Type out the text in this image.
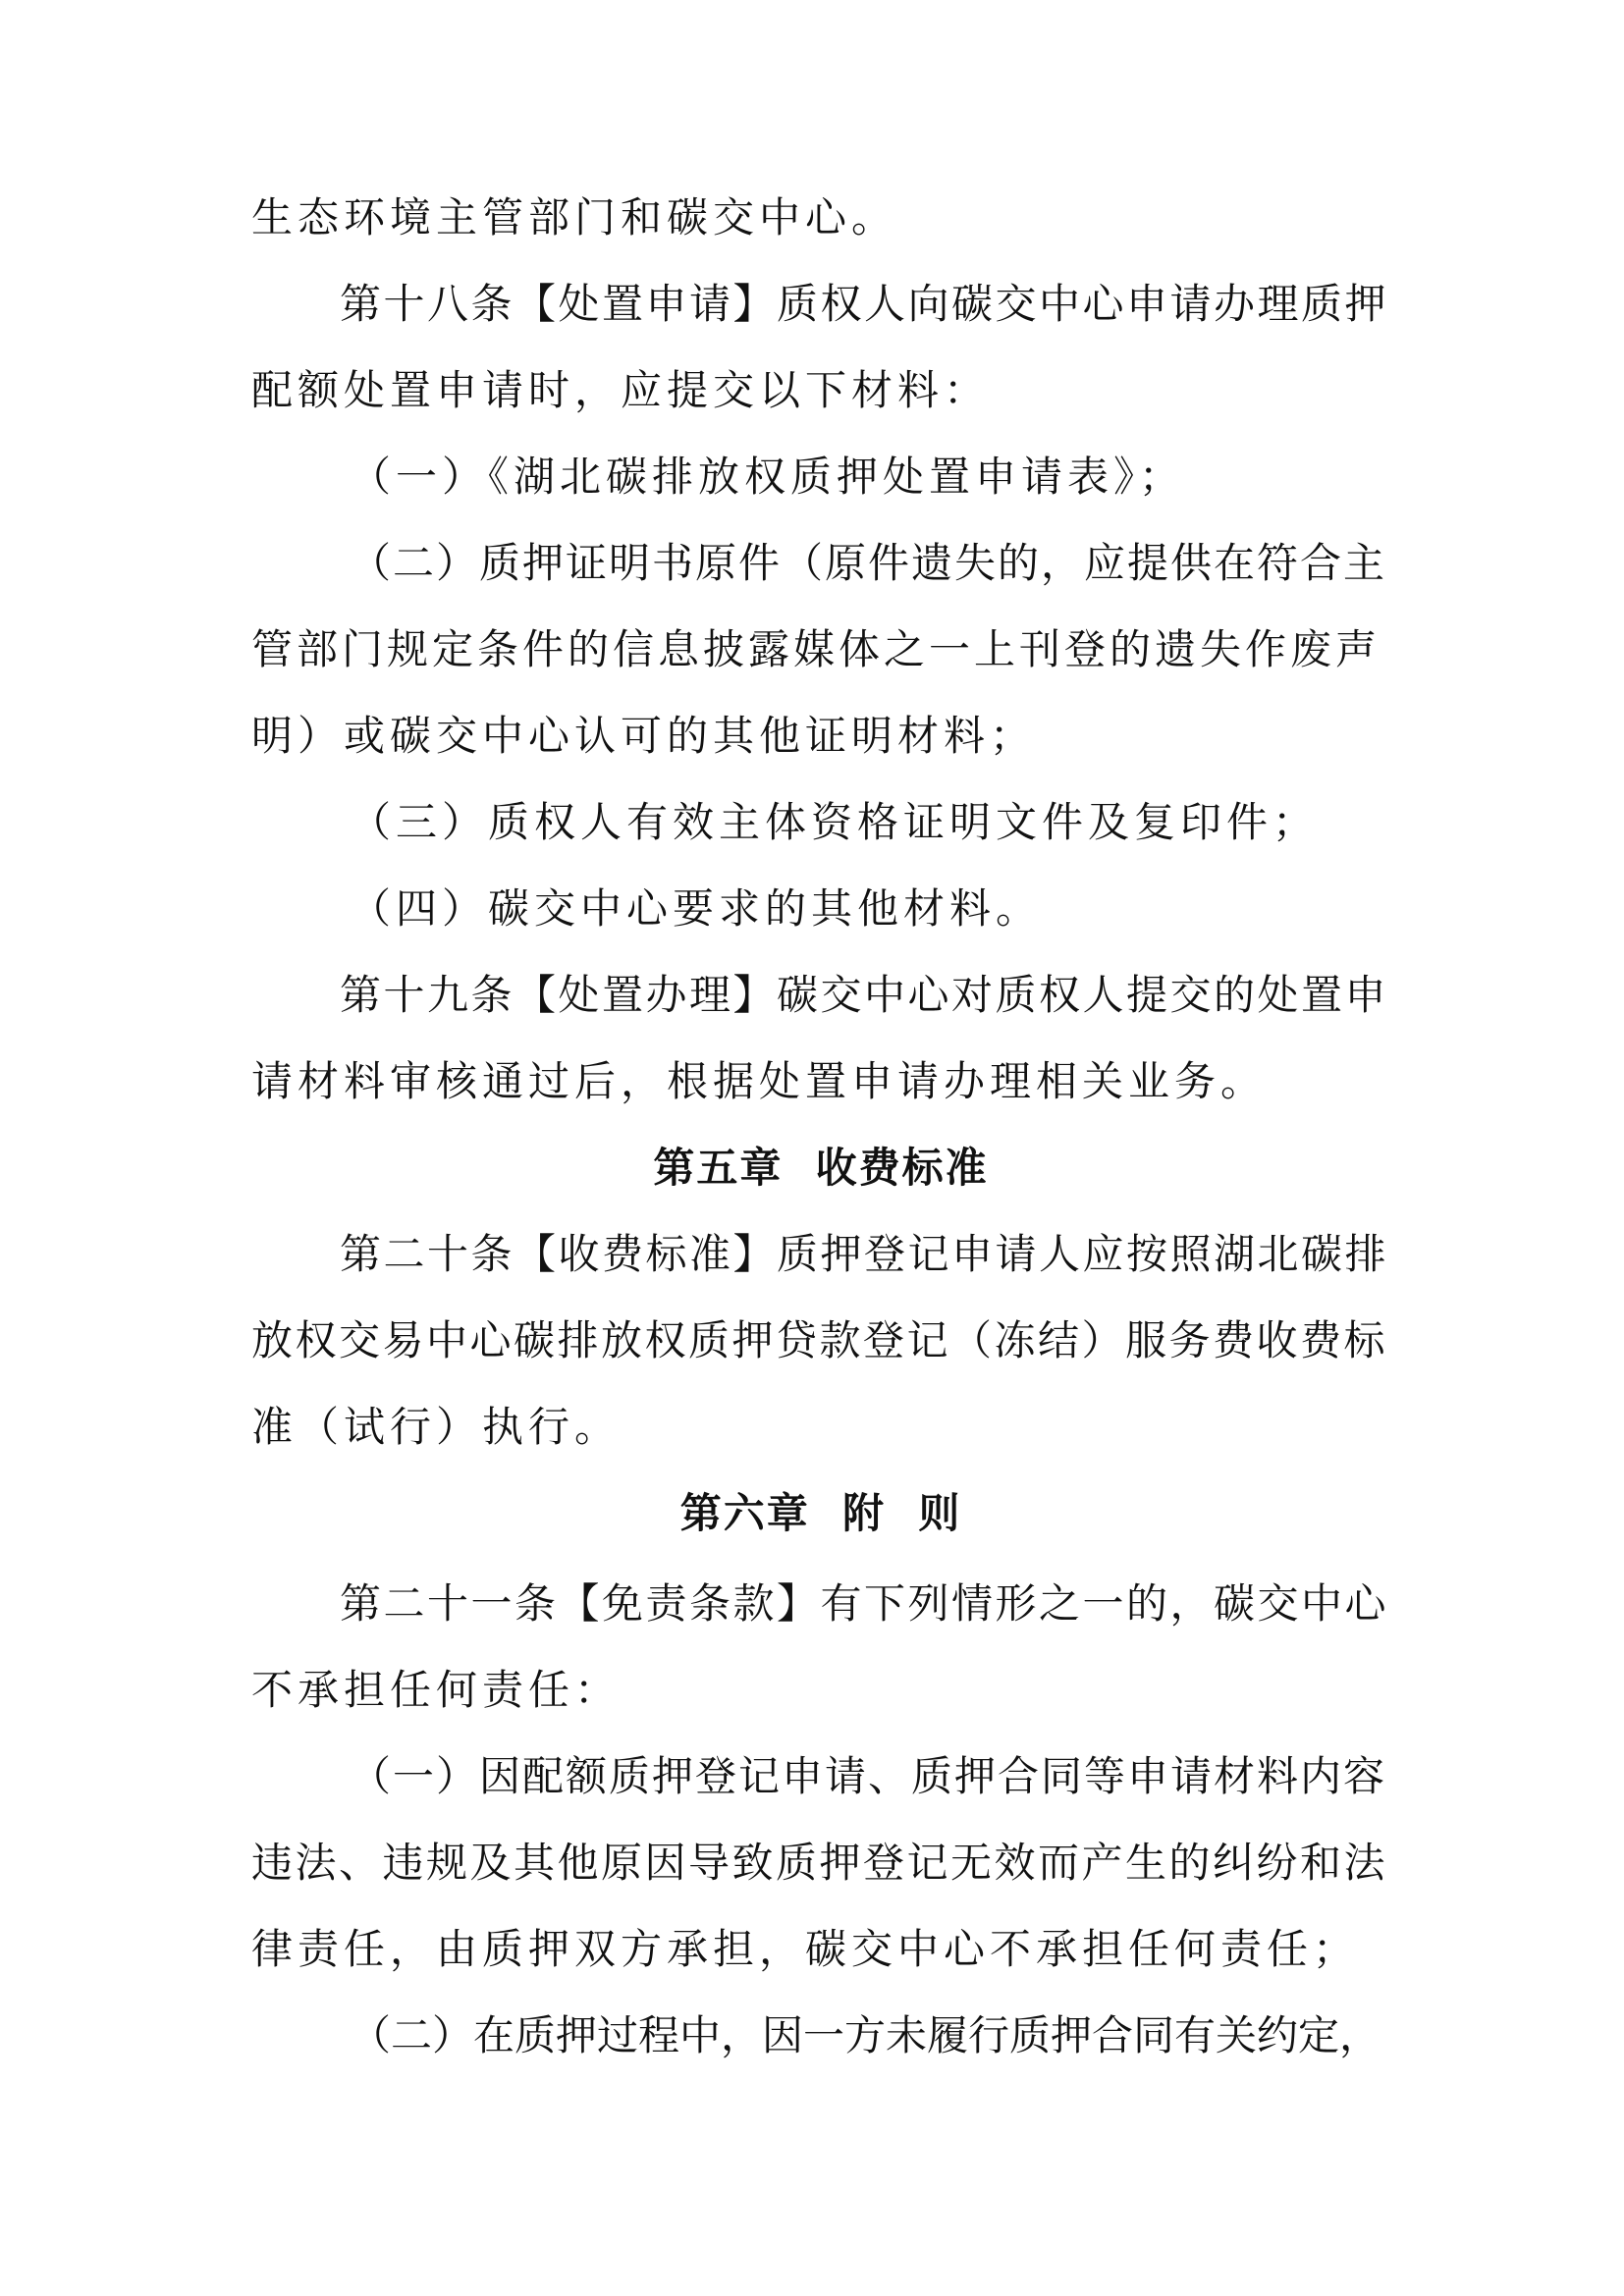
生态环境主管部门和碳交中心。
第十八条【处置申请】质权人向碳交中心申请办理质押
配额处置申请时，应提交以下材料：
（一）《湖北碳排放权质押处置申请表》；
（二）质押证明书原件（原件遗失的，应提供在符合主
管部门规定条件的信息披露媒体之一上刊登的遗失作废声
明）或碳交中心认可的其他证明材料；
（三）质权人有效主体资格证明文件及复印件；
（四）碳交中心要求的其他材料。
第十九条【处置办理】碳交中心对质权人提交的处置申
请材料审核通过后，根据处置申请办理相关业务。
第五章  收费标准
第二十条【收费标准】质押登记申请人应按照湖北碳排
放权交易中心碳排放权质押贷款登记（冻结）服务费收费标
准（试行）执行。
第六章  附  则
第二十一条【免责条款】有下列情形之一的，碳交中心
不承担任何责任：
（一）因配额质押登记申请、质押合同等申请材料内容
违法、违规及其他原因导致质押登记无效而产生的纠纷和法
律责任，由质押双方承担，碳交中心不承担任何责任；
（二）在质押过程中，因一方未履行质押合同有关约定，
